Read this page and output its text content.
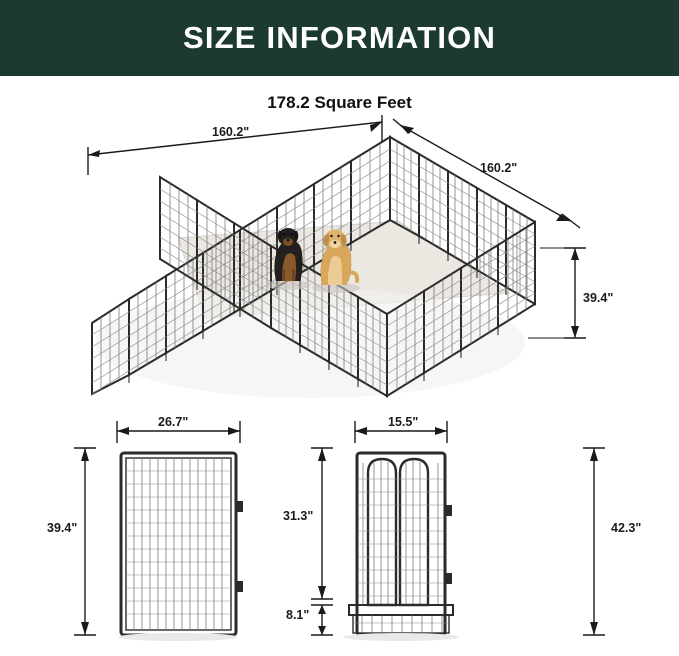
SIZE INFORMATION
178.2 Square Feet
160.2"
160.2"
39.4"
26.7"
39.4"
15.5"
31.3"
8.1"
42.3"
